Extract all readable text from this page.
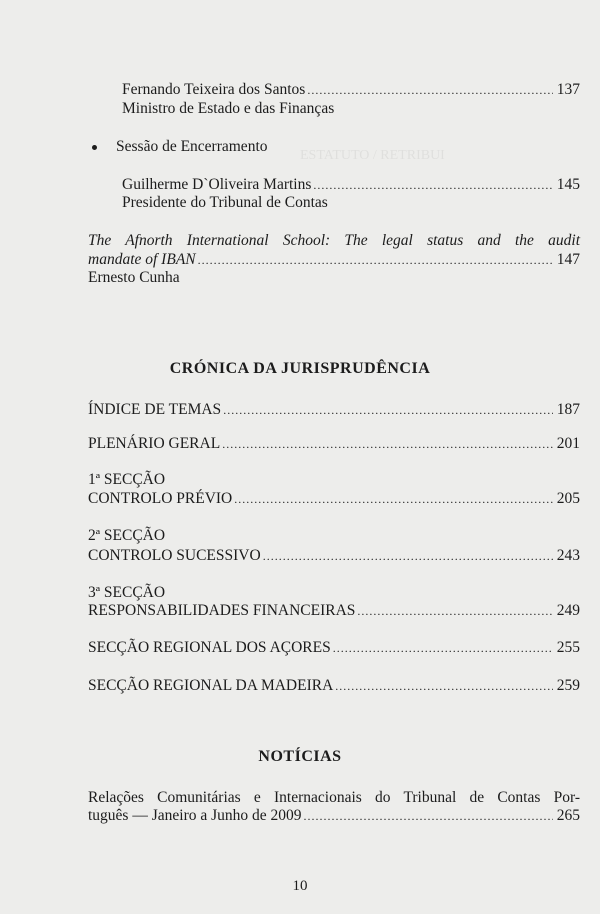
ESTATUTO / RETRIBUI
Fernando Teixeira dos Santos .....	137
Ministro de Estado e das Finanças
Sessão de Encerramento
Guilherme D`Oliveira Martins .....	145
Presidente do Tribunal de Contas
The Afnorth International School: The legal status and the audit
mandate of IBAN .....	147
Ernesto Cunha
CRÓNICA DA JURISPRUDÊNCIA
ÍNDICE DE TEMAS .....	187
PLENÁRIO GERAL .....	201
1ª SECÇÃO
CONTROLO PRÉVIO .....	205
2ª SECÇÃO
CONTROLO SUCESSIVO .....	243
3ª SECÇÃO
RESPONSABILIDADES FINANCEIRAS .....	249
SECÇÃO REGIONAL DOS AÇORES .....	255
SECÇÃO REGIONAL DA MADEIRA .....	259
NOTÍCIAS
Relações Comunitárias e Internacionais do Tribunal de Contas Por-
tuguês — Janeiro a Junho de 2009 .....	265
10
